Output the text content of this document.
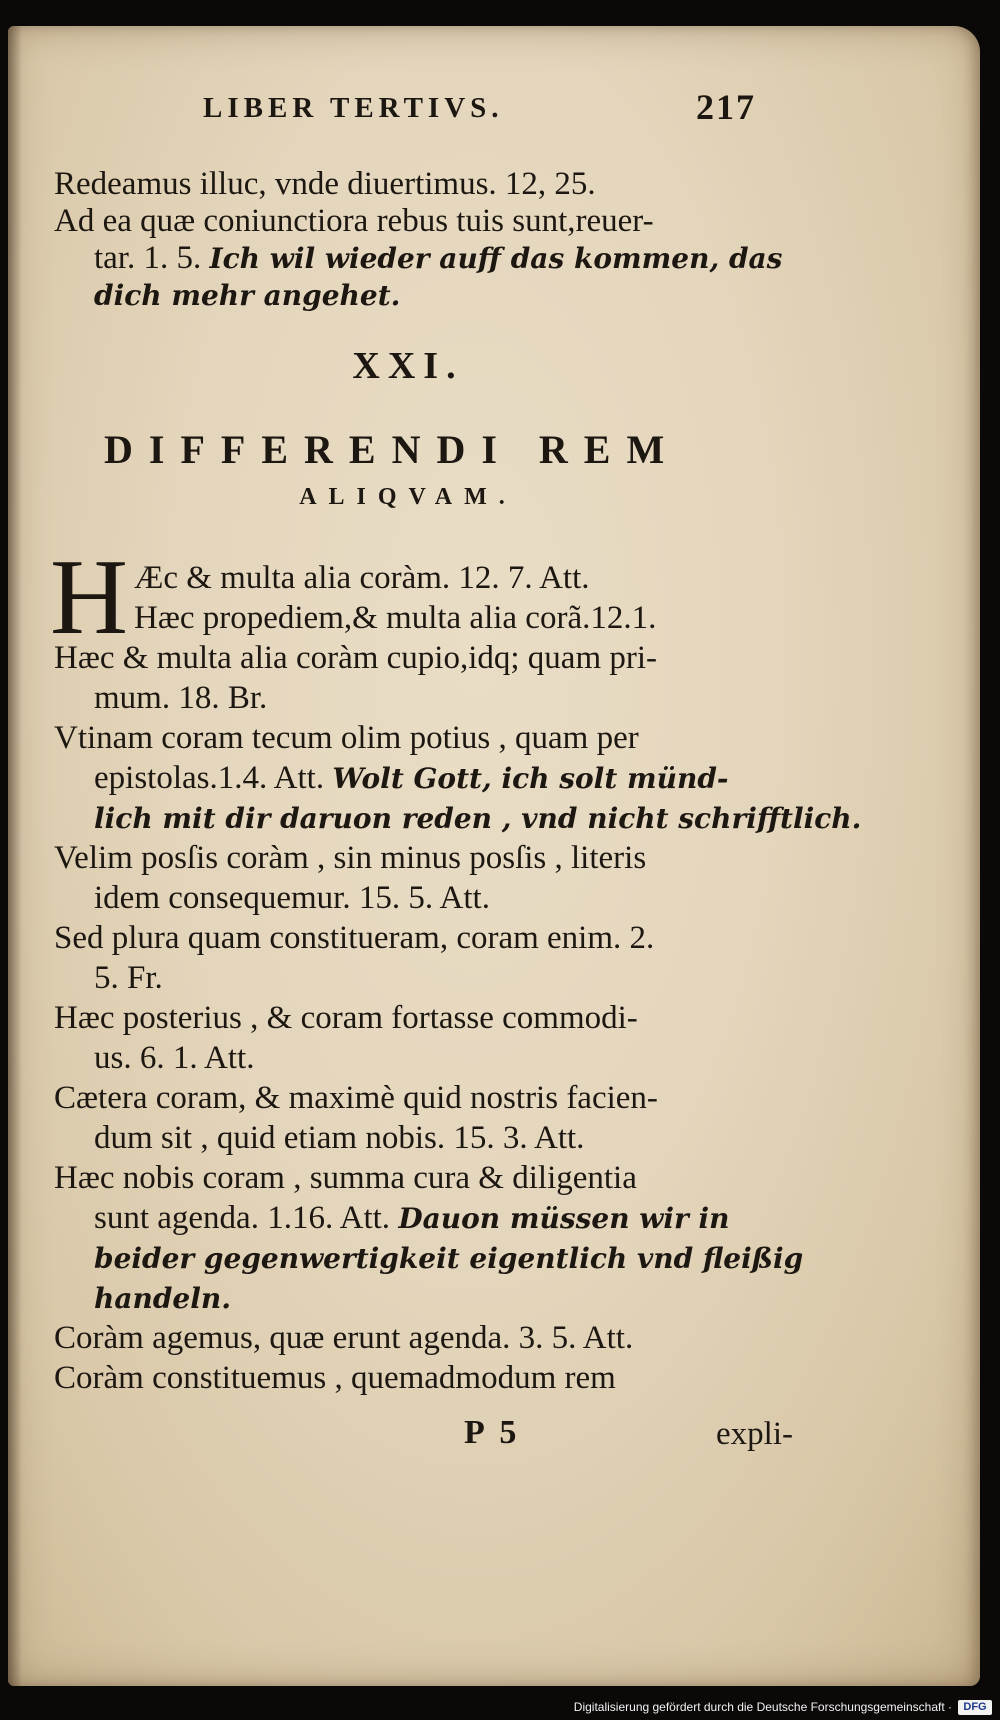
LIBER TERTIVS.	217
Redeamus illuc, vnde diuertimus. 12, 25.
Ad ea quæ coniunctiora rebus tuis sunt,reuer-
tar. 1. 5. Ich wil wieder auff das kommen, das
dich mehr angehet.
XXI.
DIFFERENDI REM
ALIQVAM.
H Æc & multa alia coràm. 12. 7. Att.
Hæc propediem,& multa alia corã.12.1.
Hæc & multa alia coràm cupio,idq; quam pri-
mum. 18. Br.
Vtinam coram tecum olim potius , quam per
epistolas.1.4. Att. Wolt Gott, ich solt münd-
lich mit dir daruon reden , vnd nicht schrifftlich.
Velim posſis coràm , sin minus posſis , literis
idem consequemur. 15. 5. Att.
Sed plura quam constitueram, coram enim. 2.
5. Fr.
Hæc posterius , & coram fortasse commodi-
us. 6. 1. Att.
Cætera coram, & maximè quid nostris facien-
dum sit , quid etiam nobis. 15. 3. Att.
Hæc nobis coram , summa cura & diligentia
sunt agenda. 1.16. Att. Dauon müssen wir in
beider gegenwertigkeit eigentlich vnd fleißig
handeln.
Coràm agemus, quæ erunt agenda. 3. 5. Att.
Coràm constituemus , quemadmodum rem
P 5	expli-
Digitalisierung gefördert durch die Deutsche Forschungsgemeinschaft ·	DFG
